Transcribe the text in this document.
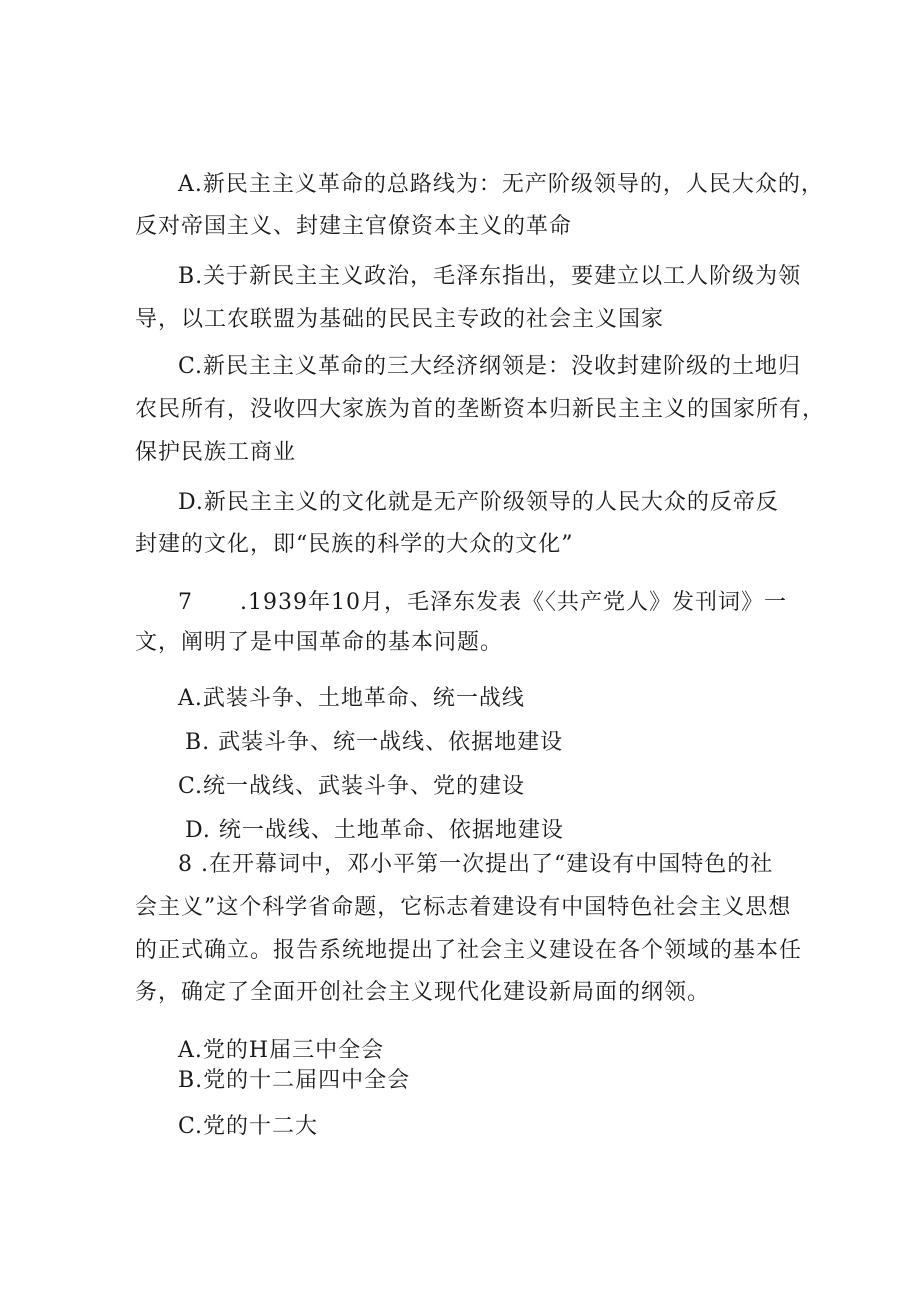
A.新民主主义革命的总路线为：无产阶级领导的，人民大众的，
反对帝国主义、封建主官僚资本主义的革命
B.关于新民主主义政治，毛泽东指出，要建立以工人阶级为领
导，以工农联盟为基础的民民主专政的社会主义国家
C.新民主主义革命的三大经济纲领是：没收封建阶级的土地归
农民所有，没收四大家族为首的垄断资本归新民主主义的国家所有，
保护民族工商业
D.新民主主义的文化就是无产阶级领导的人民大众的反帝反
封建的文化，即“民族的科学的大众的文化”
7 .1939年10月，毛泽东发表《〈共产党人》发刊词》一
文，阐明了是中国革命的基本问题。
A.武装斗争、土地革命、统一战线
B. 武装斗争、统一战线、依据地建设
C.统一战线、武装斗争、党的建设
D. 统一战线、土地革命、依据地建设
8 .在开幕词中，邓小平第一次提出了“建设有中国特色的社
会主义”这个科学省命题，它标志着建设有中国特色社会主义思想
的正式确立。报告系统地提出了社会主义建设在各个领域的基本任
务，确定了全面开创社会主义现代化建设新局面的纲领。
A.党的H届三中全会
B.党的十二届四中全会
C.党的十二大
